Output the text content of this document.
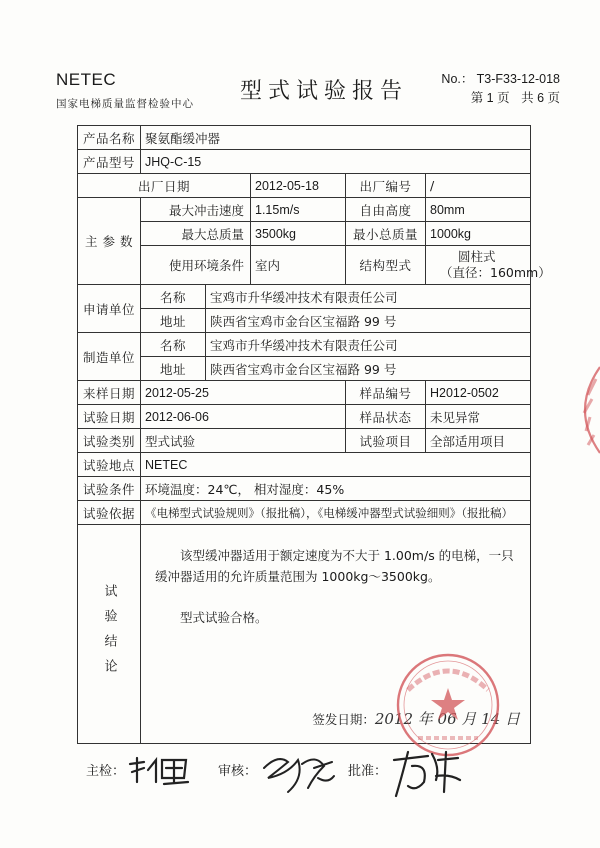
NETEC
国家电梯质量监督检验中心 型式试验报告	No.： T3-F33-12-018
第 1 页 共 6 页
产品名称	聚氨酯缓冲器				
产品型号	JHQ-C-15				
出厂日期			2012-05-18	出厂编号	/
主 参 数	最大冲击速度		1.15m/s	自由高度	80mm
	最大总质量		3500kg	最小总质量	1000kg
	使用环境条件		室内	结构型式	圆柱式
（直径：160mm）

申请单位	名称	宝鸡市升华缓冲技术有限责任公司			
	地址	陕西省宝鸡市金台区宝福路 99 号			
制造单位	名称	宝鸡市升华缓冲技术有限责任公司			
	地址	陕西省宝鸡市金台区宝福路 99 号			
来样日期	2012-05-25			样品编号	H2012-0502
试验日期	2012-06-06			样品状态	未见异常
试验类别	型式试验			试验项目	全部适用项目
试验地点	NETEC				
试验条件	环境温度：24℃， 相对湿度：45%				
试验依据	《电梯型式试验规则》（报批稿），《电梯缓冲器型式试验细则》（报批稿）				

试验结论	该型缓冲器适用于额定速度为不大于 1.00m/s 的电梯，一只缓冲器适用的允许质量范围为 1000kg～3500kg。

型式试验合格。

签发日期：2012 年 06 月 14 日				
主检：	审核：	批准：
